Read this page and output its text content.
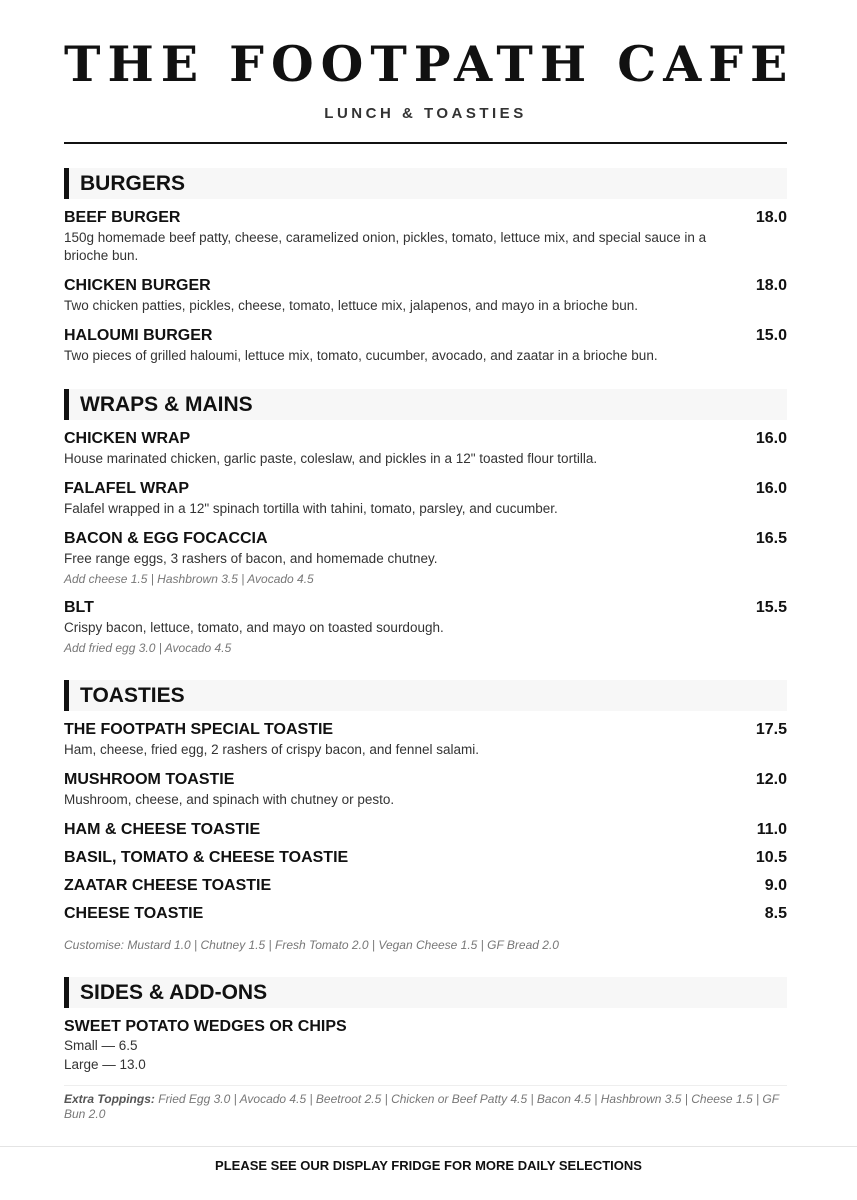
THE FOOTPATH CAFE
LUNCH & TOASTIES
BURGERS
BEEF BURGER	18.0
150g homemade beef patty, cheese, caramelized onion, pickles, tomato, lettuce mix, and special sauce in a brioche bun.
CHICKEN BURGER	18.0
Two chicken patties, pickles, cheese, tomato, lettuce mix, jalapenos, and mayo in a brioche bun.
HALOUMI BURGER	15.0
Two pieces of grilled haloumi, lettuce mix, tomato, cucumber, avocado, and zaatar in a brioche bun.
WRAPS & MAINS
CHICKEN WRAP	16.0
House marinated chicken, garlic paste, coleslaw, and pickles in a 12" toasted flour tortilla.
FALAFEL WRAP	16.0
Falafel wrapped in a 12" spinach tortilla with tahini, tomato, parsley, and cucumber.
BACON & EGG FOCACCIA	16.5
Free range eggs, 3 rashers of bacon, and homemade chutney.
Add cheese 1.5 | Hashbrown 3.5 | Avocado 4.5
BLT	15.5
Crispy bacon, lettuce, tomato, and mayo on toasted sourdough.
Add fried egg 3.0 | Avocado 4.5
TOASTIES
THE FOOTPATH SPECIAL TOASTIE	17.5
Ham, cheese, fried egg, 2 rashers of crispy bacon, and fennel salami.
MUSHROOM TOASTIE	12.0
Mushroom, cheese, and spinach with chutney or pesto.
HAM & CHEESE TOASTIE	11.0
BASIL, TOMATO & CHEESE TOASTIE	10.5
ZAATAR CHEESE TOASTIE	9.0
CHEESE TOASTIE	8.5
Customise: Mustard 1.0 | Chutney 1.5 | Fresh Tomato 2.0 | Vegan Cheese 1.5 | GF Bread 2.0
SIDES & ADD-ONS
SWEET POTATO WEDGES OR CHIPS
Small — 6.5
Large — 13.0
Extra Toppings: Fried Egg 3.0 | Avocado 4.5 | Beetroot 2.5 | Chicken or Beef Patty 4.5 | Bacon 4.5 | Hashbrown 3.5 | Cheese 1.5 | GF Bun 2.0
PLEASE SEE OUR DISPLAY FRIDGE FOR MORE DAILY SELECTIONS
